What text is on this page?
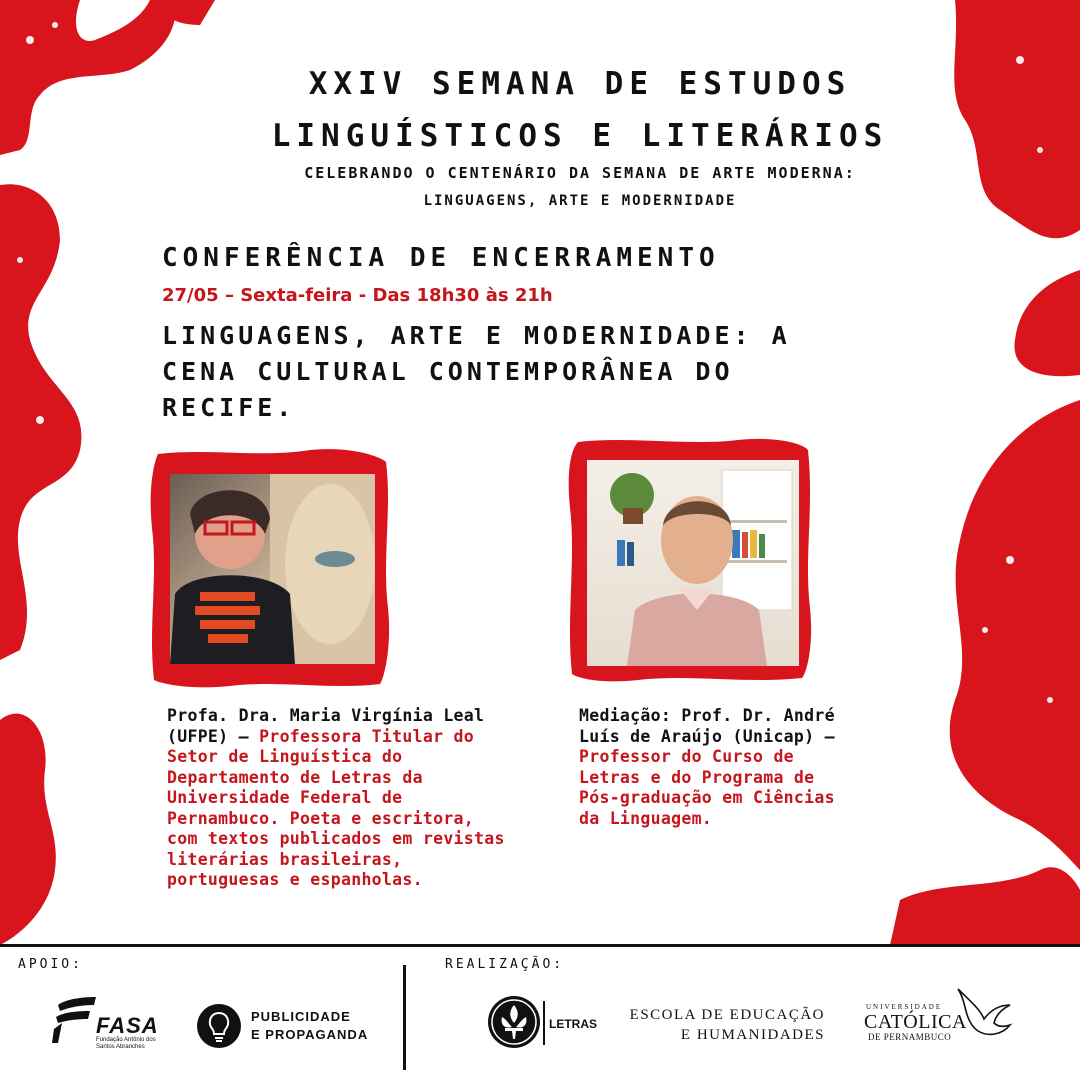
XXIV SEMANA DE ESTUDOS
LINGUÍSTICOS E LITERÁRIOS
CELEBRANDO O CENTENÁRIO DA SEMANA DE ARTE MODERNA:
LINGUAGENS, ARTE E MODERNIDADE
CONFERÊNCIA DE ENCERRAMENTO
27/05 – Sexta-feira - Das 18h30 às 21h
LINGUAGENS, ARTE E MODERNIDADE: A CENA CULTURAL CONTEMPORÂNEA DO RECIFE.
Profa. Dra. Maria Virgínia Leal (UFPE) – Professora Titular do Setor de Linguística do Departamento de Letras da Universidade Federal de Pernambuco. Poeta e escritora, com textos publicados em revistas literárias brasileiras, portuguesas e espanholas.
Mediação: Prof. Dr. André Luís de Araújo (Unicap) – Professor do Curso de Letras e do Programa de Pós-graduação em Ciências da Linguagem.
APOIO:	REALIZAÇÃO:
FASA
Fundação Antônio dos Santos Abranches
PUBLICIDADE
E PROPAGANDA
LETRAS
ESCOLA DE EDUCAÇÃO
E HUMANIDADES
UNIVERSIDADE
CATÓLICA
DE PERNAMBUCO
